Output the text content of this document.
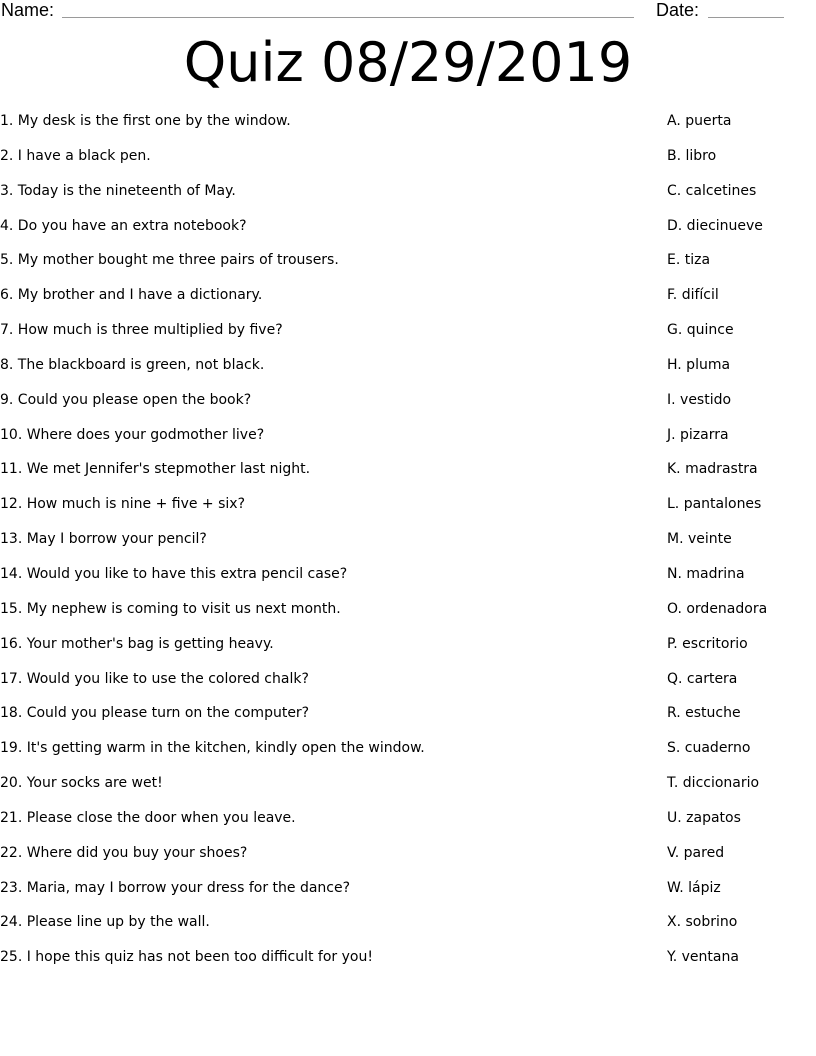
Name:	Date:
Quiz 08/29/2019
1. My desk is the first one by the window.	A. puerta
2. I have a black pen.	B. libro
3. Today is the nineteenth of May.	C. calcetines
4. Do you have an extra notebook?	D. diecinueve
5. My mother bought me three pairs of trousers.	E. tiza
6. My brother and I have a dictionary.	F. difícil
7. How much is three multiplied by five?	G. quince
8. The blackboard is green, not black.	H. pluma
9. Could you please open the book?	I. vestido
10. Where does your godmother live?	J. pizarra
11. We met Jennifer's stepmother last night.	K. madrastra
12. How much is nine + five + six?	L. pantalones
13. May I borrow your pencil?	M. veinte
14. Would you like to have this extra pencil case?	N. madrina
15. My nephew is coming to visit us next month.	O. ordenadora
16. Your mother's bag is getting heavy.	P. escritorio
17. Would you like to use the colored chalk?	Q. cartera
18. Could you please turn on the computer?	R. estuche
19. It's getting warm in the kitchen, kindly open the window.	S. cuaderno
20. Your socks are wet!	T. diccionario
21. Please close the door when you leave.	U. zapatos
22. Where did you buy your shoes?	V. pared
23. Maria, may I borrow your dress for the dance?	W. lápiz
24. Please line up by the wall.	X. sobrino
25. I hope this quiz has not been too difficult for you!	Y. ventana
